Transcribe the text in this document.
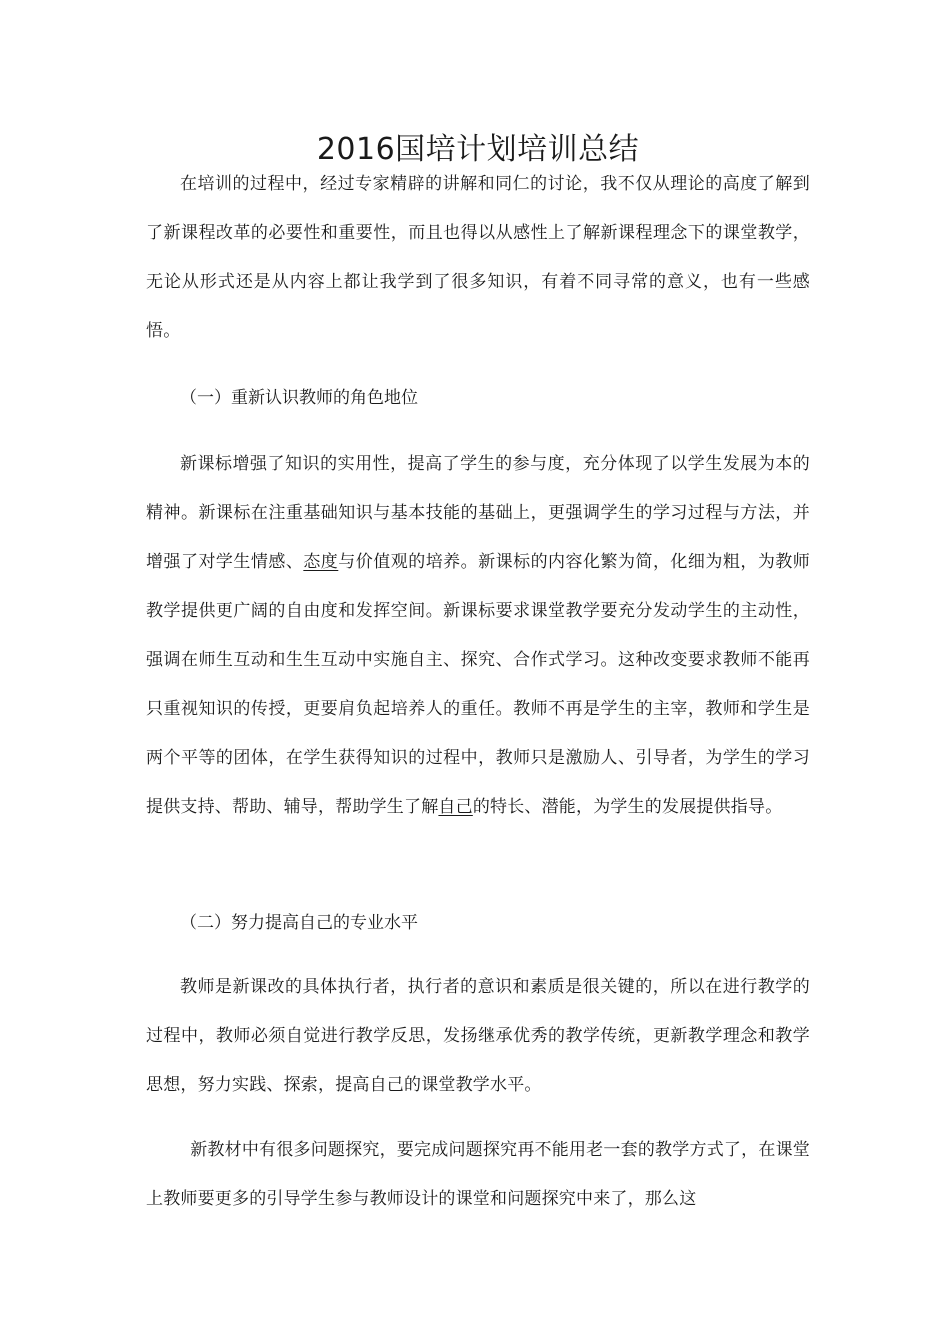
2016国培计划培训总结

在培训的过程中，经过专家精辟的讲解和同仁的讨论，我不仅从理论的高度了解到了新课程改革的必要性和重要性，而且也得以从感性上了解新课程理念下的课堂教学，无论从形式还是从内容上都让我学到了很多知识，有着不同寻常的意义，也有一些感悟。

（一）重新认识教师的角色地位

新课标增强了知识的实用性，提高了学生的参与度，充分体现了以学生发展为本的精神。新课标在注重基础知识与基本技能的基础上，更强调学生的学习过程与方法，并增强了对学生情感、态度与价值观的培养。新课标的内容化繁为简，化细为粗，为教师教学提供更广阔的自由度和发挥空间。新课标要求课堂教学要充分发动学生的主动性，强调在师生互动和生生互动中实施自主、探究、合作式学习。这种改变要求教师不能再只重视知识的传授，更要肩负起培养人的重任。教师不再是学生的主宰，教师和学生是两个平等的团体，在学生获得知识的过程中，教师只是激励人、引导者，为学生的学习提供支持、帮助、辅导，帮助学生了解自己的特长、潜能，为学生的发展提供指导。

（二）努力提高自己的专业水平

教师是新课改的具体执行者，执行者的意识和素质是很关键的，所以在进行教学的过程中，教师必须自觉进行教学反思，发扬继承优秀的教学传统，更新教学理念和教学思想，努力实践、探索，提高自己的课堂教学水平。

新教材中有很多问题探究，要完成问题探究再不能用老一套的教学方式了，在课堂上教师要更多的引导学生参与教师设计的课堂和问题探究中来了，那么这
